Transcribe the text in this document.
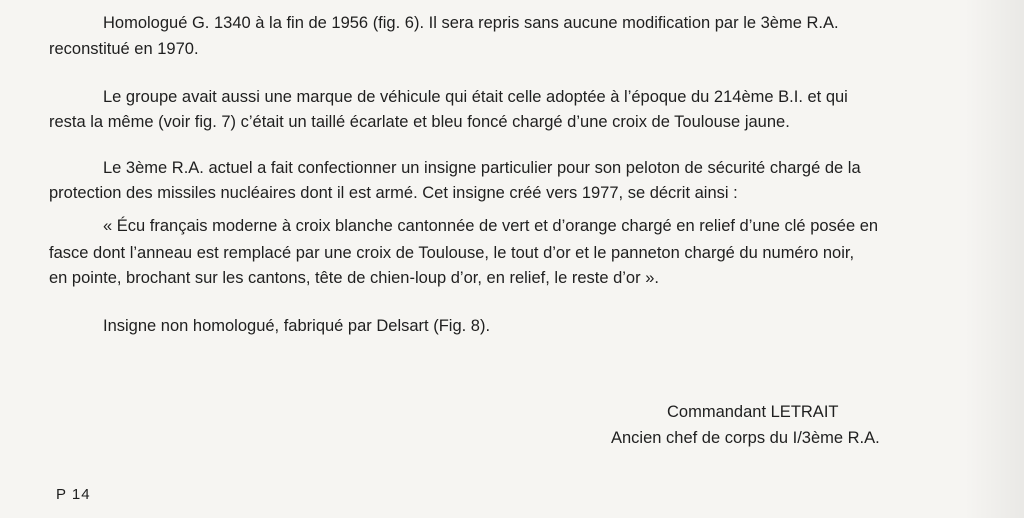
Homologué G. 1340 à la fin de 1956 (fig. 6). Il sera repris sans aucune modification par le 3ème R.A.
reconstitué en 1970.
Le groupe avait aussi une marque de véhicule qui était celle adoptée à l’époque du 214ème B.I. et qui
resta la même (voir fig. 7) c’était un taillé écarlate et bleu foncé chargé d’une croix de Toulouse jaune.
Le 3ème R.A. actuel a fait confectionner un insigne particulier pour son peloton de sécurité chargé de la
protection des missiles nucléaires dont il est armé. Cet insigne créé vers 1977, se décrit ainsi :
« Écu français moderne à croix blanche cantonnée de vert et d’orange chargé en relief d’une clé posée en
fasce dont l’anneau est remplacé par une croix de Toulouse, le tout d’or et le panneton chargé du numéro noir,
en pointe, brochant sur les cantons, tête de chien-loup d’or, en relief, le reste d’or ».
Insigne non homologué, fabriqué par Delsart (Fig. 8).
Commandant LETRAIT
Ancien chef de corps du I/3ème R.A.
P 14
